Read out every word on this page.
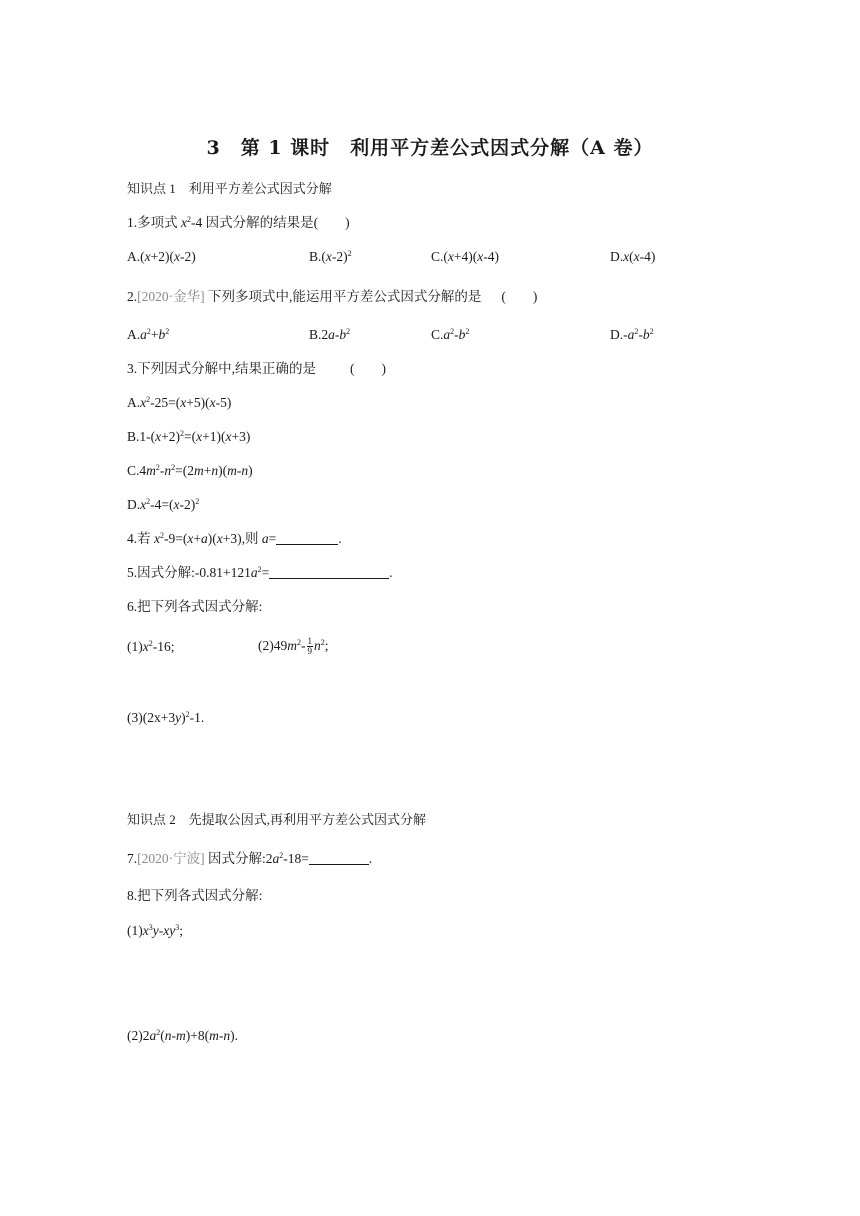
3　第 1 课时　利用平方差公式因式分解（A 卷）
知识点 1　利用平方差公式因式分解
1.多项式 $x^2-4$ 因式分解的结果是(　　)
A.(x+2)(x-2)	$B.(x-2)^2$	C.(x+4)(x-4)	D.x(x-4)
2.[2020·金华] 下列多项式中,能运用平方差公式因式分解的是 (　　)
$A.a^2+b^2$	$B.2a-b^2$	$C.a^2-b^2$	$D.-a^2-b^2$
3.下列因式分解中,结果正确的是	(　　)
$A.x^2-25=(x+5)(x-5)$
$B.1-(x+2)^2=(x+1)(x+3)$
$C.4m^2-n^2=(2m+n)(m-n)$
$D.x^2-4=(x-2)^2$
4.若 $x^2-9=(x+a)(x+3)$,则 a=	.
5.因式分解$:-0.81+121a^2=$	.
6.把下列各式因式分解:
$(1)x^2-16$;	$(2)49m^2- \frac{1}{9} n^2$;
$(3)(2x+3y)^2-1$.
知识点 2　先提取公因式,再利用平方差公式因式分解
7.[2020·宁波] 因式分解$:2a^2-18=$	.
8.把下列各式因式分解:
$(1)x^3y-xy^3$;
$(2)2a^2(n-m)+8(m-n)$.
